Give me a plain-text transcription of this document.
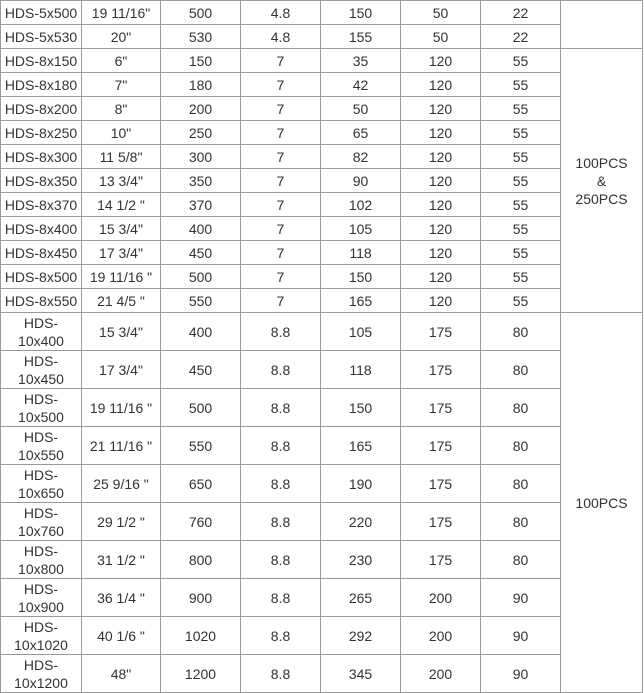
HDS-5x500	19 11/16"	500	4.8	150	50	22	
HDS-5x530	20"	530	4.8	155	50	22	
HDS-8x150	6"	150	7	35	120	55	100PCS
&
250PCS
HDS-8x180	7"	180	7	42	120	55	
HDS-8x200	8"	200	7	50	120	55	
HDS-8x250	10"	250	7	65	120	55	
HDS-8x300	11 5/8"	300	7	82	120	55	
HDS-8x350	13 3/4"	350	7	90	120	55	
HDS-8x370	14 1/2 "	370	7	102	120	55	
HDS-8x400	15 3/4"	400	7	105	120	55	
HDS-8x450	17 3/4"	450	7	118	120	55	
HDS-8x500	19 11/16 "	500	7	150	120	55	
HDS-8x550	21 4/5 "	550	7	165	120	55	
HDS-
10x400	15 3/4"	400	8.8	105	175	80	100PCS
HDS-
10x450	17 3/4"	450	8.8	118	175	80	
HDS-
10x500	19 11/16 "	500	8.8	150	175	80	
HDS-
10x550	21 11/16 "	550	8.8	165	175	80	
HDS-
10x650	25 9/16 "	650	8.8	190	175	80	
HDS-
10x760	29 1/2 "	760	8.8	220	175	80	
HDS-
10x800	31 1/2 "	800	8.8	230	175	80	
HDS-
10x900	36 1/4 "	900	8.8	265	200	90	
HDS-
10x1020	40 1/6 "	1020	8.8	292	200	90	
HDS-
10x1200	48"	1200	8.8	345	200	90	
